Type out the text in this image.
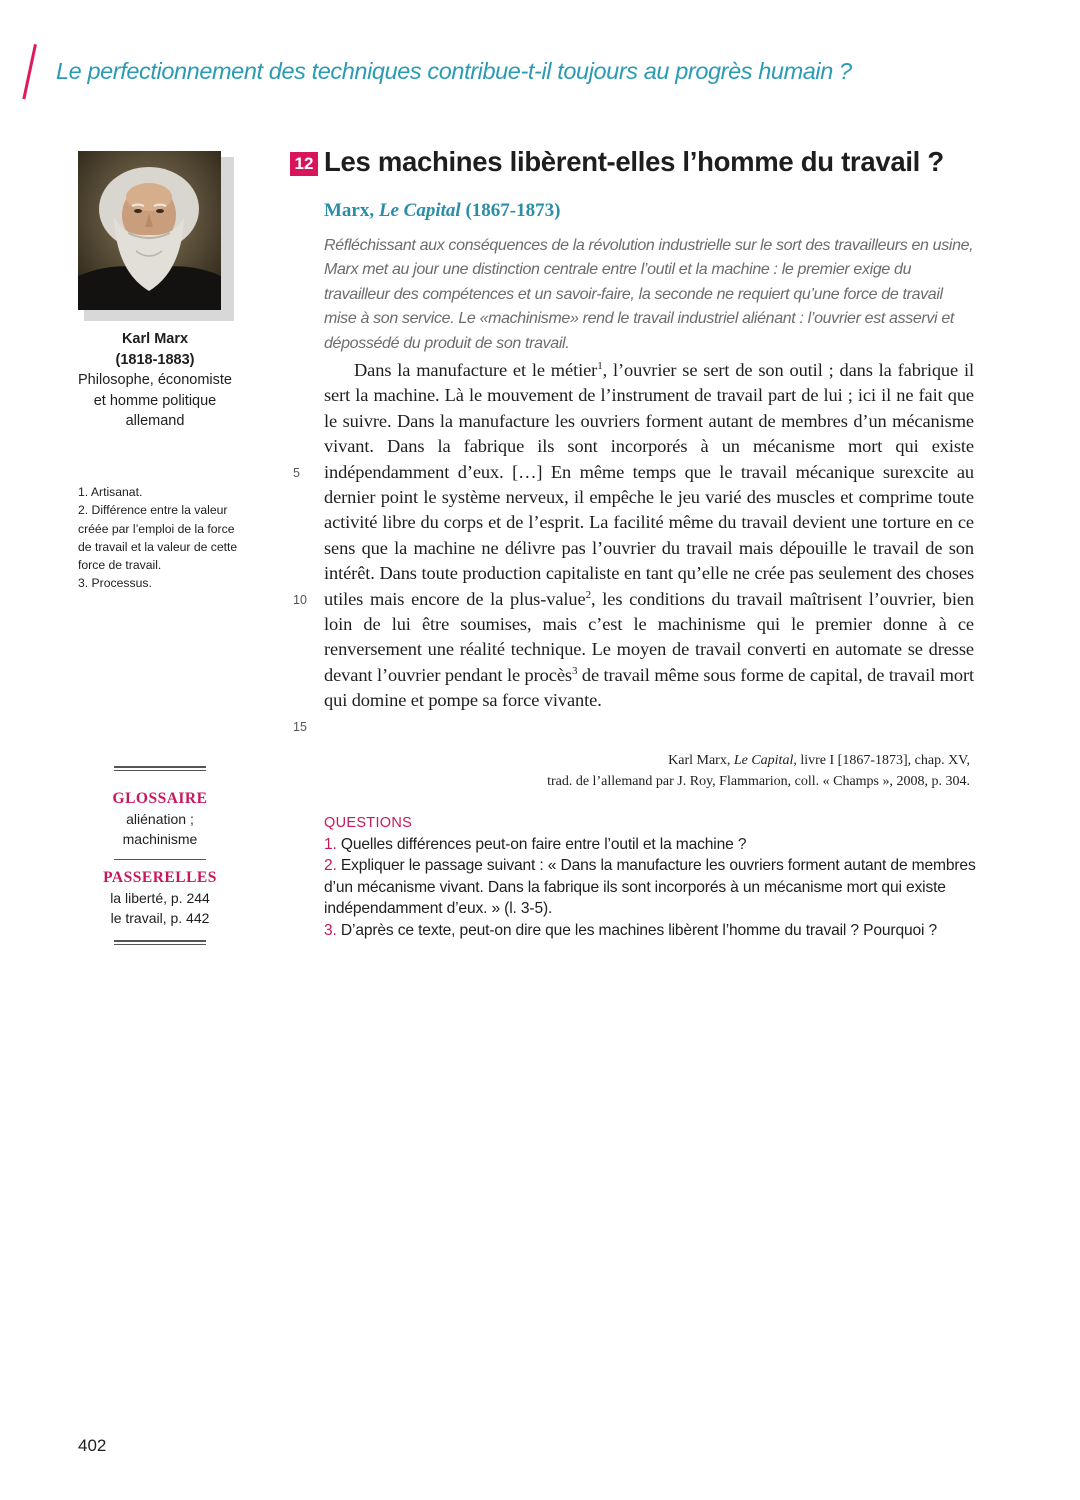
Le perfectionnement des techniques contribue-t-il toujours au progrès humain ?
Karl Marx
(1818-1883)
Philosophe, économiste et homme politique allemand
1. Artisanat.
2. Différence entre la valeur créée par l’emploi de la force de travail et la valeur de cette force de travail.
3. Processus.
GLOSSAIRE
aliénation ; machinisme
PASSERELLES
la liberté, p. 244
le travail, p. 442
12 Les machines libèrent-elles l’homme du travail ?
Marx, Le Capital (1867-1873)
Réfléchissant aux conséquences de la révolution industrielle sur le sort des travailleurs en usine, Marx met au jour une distinction centrale entre l’outil et la machine : le premier exige du travailleur des compétences et un savoir-faire, la seconde ne requiert qu’une force de travail mise à son service. Le «machinisme» rend le travail industriel aliénant : l’ouvrier est asservi et dépossédé du produit de son travail.
Dans la manufacture et le métier$^1$, l’ouvrier se sert de son outil ; dans la fabrique il sert la machine. Là le mouvement de l’instrument de travail part de lui ; ici il ne fait que le suivre. Dans la manufacture les ouvriers forment autant de membres d’un mécanisme vivant. Dans la fabrique ils sont incorporés à un mécanisme mort qui existe indépendamment d’eux. […] En même temps que le travail mécanique surexcite au dernier point le système nerveux, il empêche le jeu varié des muscles et comprime toute activité libre du corps et de l’esprit. La facilité même du travail devient une torture en ce sens que la machine ne délivre pas l’ouvrier du travail mais dépouille le travail de son intérêt. Dans toute production capitaliste en tant qu’elle ne crée pas seulement des choses utiles mais encore de la plus-value$^2$, les conditions du travail maîtrisent l’ouvrier, bien loin de lui être soumises, mais c’est le machinisme qui le premier donne à ce renversement une réalité technique. Le moyen de travail converti en automate se dresse devant l’ouvrier pendant le procès$^3$ de travail même sous forme de capital, de travail mort qui domine et pompe sa force vivante.
5
10
15
Karl Marx, Le Capital, livre I [1867-1873], chap. XV,
trad. de l’allemand par J. Roy, Flammarion, coll. « Champs », 2008, p. 304.
QUESTIONS
1. Quelles différences peut-on faire entre l’outil et la machine ?
2. Expliquer le passage suivant : « Dans la manufacture les ouvriers forment autant de membres d’un mécanisme vivant. Dans la fabrique ils sont incorporés à un mécanisme mort qui existe indépendamment d’eux. » (l. 3-5).
3. D’après ce texte, peut-on dire que les machines libèrent l’homme du travail ? Pourquoi ?
402
